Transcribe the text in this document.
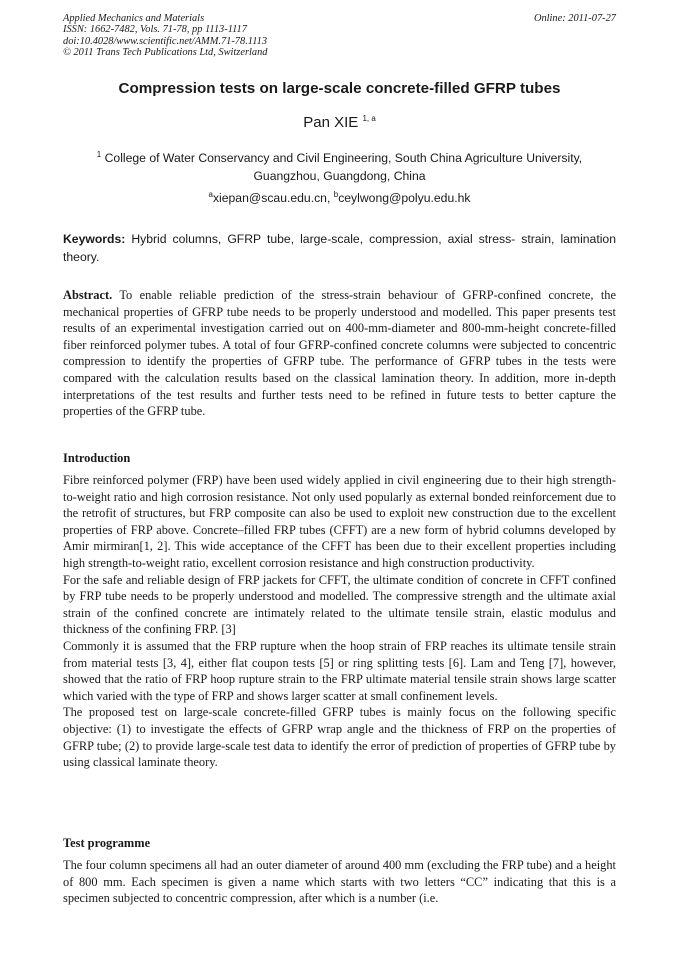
Applied Mechanics and Materials
ISSN: 1662-7482, Vols. 71-78, pp 1113-1117
doi:10.4028/www.scientific.net/AMM.71-78.1113
© 2011 Trans Tech Publications Ltd, Switzerland
Online: 2011-07-27
Compression tests on large-scale concrete-filled GFRP tubes
Pan XIE $^{1, a}$
$^1$ College of Water Conservancy and Civil Engineering, South China Agriculture University,
Guangzhou, Guangdong, China
$^a$xiepan@scau.edu.cn, $^b$ceylwong@polyu.edu.hk
Keywords: Hybrid columns, GFRP tube, large-scale, compression, axial stress- strain, lamination theory.

Abstract. To enable reliable prediction of the stress-strain behaviour of GFRP-confined concrete, the mechanical properties of GFRP tube needs to be properly understood and modelled. This paper presents test results of an experimental investigation carried out on 400-mm-diameter and 800-mm-height concrete-filled fiber reinforced polymer tubes. A total of four GFRP-confined concrete columns were subjected to concentric compression to identify the properties of GFRP tube. The performance of GFRP tubes in the tests were compared with the calculation results based on the classical lamination theory. In addition, more in-depth interpretations of the test results and further tests need to be refined in future tests to better capture the properties of the GFRP tube.

Introduction

Fibre reinforced polymer (FRP) have been used widely applied in civil engineering due to their high strength-to-weight ratio and high corrosion resistance. Not only used popularly as external bonded reinforcement due to the retrofit of structures, but FRP composite can also be used to exploit new construction due to the excellent properties of FRP above. Concrete–filled FRP tubes (CFFT) are a new form of hybrid columns developed by Amir mirmiran[1, 2]. This wide acceptance of the CFFT has been due to their excellent properties including high strength-to-weight ratio, excellent corrosion resistance and high construction productivity.

For the safe and reliable design of FRP jackets for CFFT, the ultimate condition of concrete in CFFT confined by FRP tube needs to be properly understood and modelled. The compressive strength and the ultimate axial strain of the confined concrete are intimately related to the ultimate tensile strain, elastic modulus and thickness of the confining FRP. [3]

Commonly it is assumed that the FRP rupture when the hoop strain of FRP reaches its ultimate tensile strain from material tests [3, 4], either flat coupon tests [5] or ring splitting tests [6]. Lam and Teng [7], however, showed that the ratio of FRP hoop rupture strain to the FRP ultimate material tensile strain shows large scatter which varied with the type of FRP and shows larger scatter at small confinement levels.

The proposed test on large-scale concrete-filled GFRP tubes is mainly focus on the following specific objective: (1) to investigate the effects of GFRP wrap angle and the thickness of FRP on the properties of GFRP tube; (2) to provide large-scale test data to identify the error of prediction of properties of GFRP tube by using classical laminate theory.

Test programme

The four column specimens all had an outer diameter of around 400 mm (excluding the FRP tube) and a height of 800 mm. Each specimen is given a name which starts with two letters “CC” indicating that this is a specimen subjected to concentric compression, after which is a number (i.e.
